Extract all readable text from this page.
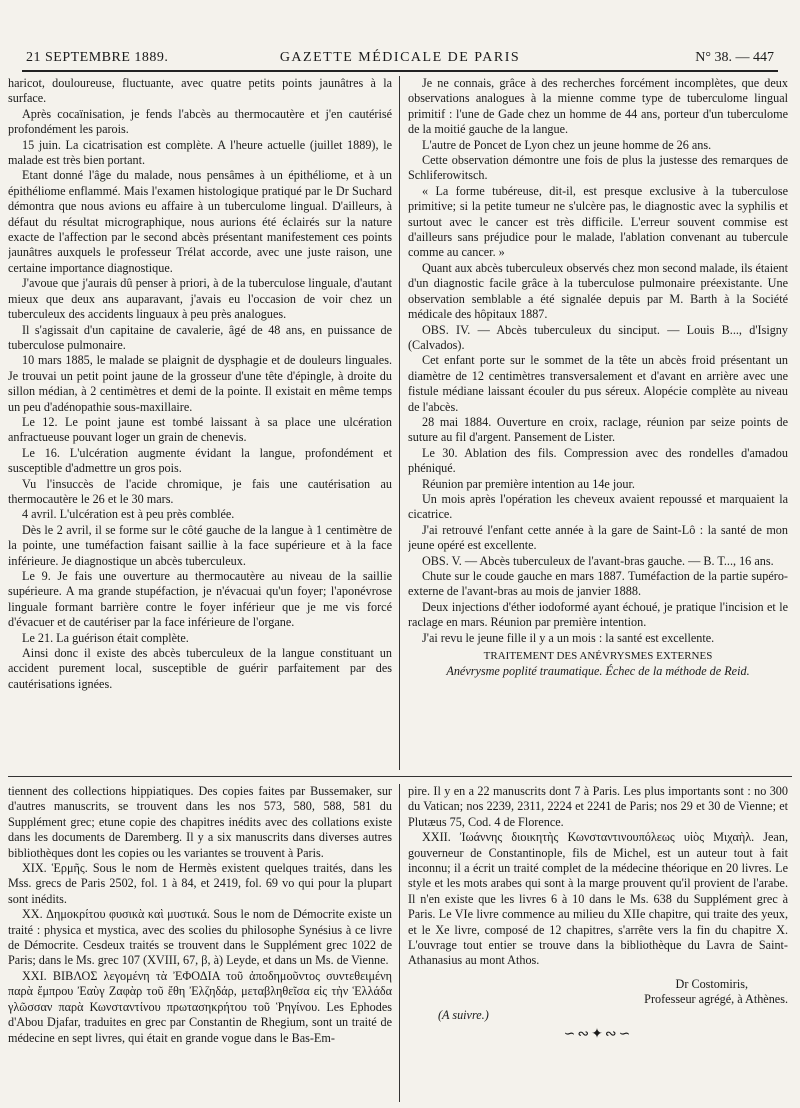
21 SEPTEMBRE 1889.	GAZETTE MÉDICALE DE PARIS	N° 38. — 447

haricot, douloureuse, fluctuante, avec quatre petits points jaunâtres à la surface.

Après cocaïnisation, je fends l'abcès au thermocautère et j'en cautérisé profondément les parois.

15 juin. La cicatrisation est complète. A l'heure actuelle (juillet 1889), le malade est très bien portant.

Etant donné l'âge du malade, nous pensâmes à un épithéliome, et à un épithéliome enflammé. Mais l'examen histologique pratiqué par le Dr Suchard démontra que nous avions eu affaire à un tuberculome lingual. D'ailleurs, à défaut du résultat micrographique, nous aurions été éclairés sur la nature exacte de l'affection par le second abcès présentant manifestement ces points jaunâtres auxquels le professeur Trélat accorde, avec une juste raison, une certaine importance diagnostique.

J'avoue que j'aurais dû penser à priori, à de la tuberculose linguale, d'autant mieux que deux ans auparavant, j'avais eu l'occasion de voir chez un tuberculeux des accidents linguaux à peu près analogues.

Il s'agissait d'un capitaine de cavalerie, âgé de 48 ans, en puissance de tuberculose pulmonaire.

10 mars 1885, le malade se plaignit de dysphagie et de douleurs linguales. Je trouvai un petit point jaune de la grosseur d'une tête d'épingle, à droite du sillon médian, à 2 centimètres et demi de la pointe. Il existait en même temps un peu d'adénopathie sous-maxillaire.

Le 12. Le point jaune est tombé laissant à sa place une ulcération anfractueuse pouvant loger un grain de chenevis.

Le 16. L'ulcération augmente évidant la langue, profondément et susceptible d'admettre un gros pois.

Vu l'insuccès de l'acide chromique, je fais une cautérisation au thermocautère le 26 et le 30 mars.

4 avril. L'ulcération est à peu près comblée.

Dès le 2 avril, il se forme sur le côté gauche de la langue à 1 centimètre de la pointe, une tuméfaction faisant saillie à la face supérieure et à la face inférieure. Je diagnostique un abcès tuberculeux.

Le 9. Je fais une ouverture au thermocautère au niveau de la saillie supérieure. A ma grande stupéfaction, je n'évacuai qu'un foyer; l'aponévrose linguale formant barrière contre le foyer inférieur que je me vis forcé d'évacuer et de cautériser par la face inférieure de l'organe.

Le 21. La guérison était complète.

Ainsi donc il existe des abcès tuberculeux de la langue constituant un accident purement local, susceptible de guérir parfaitement par des cautérisations ignées.

Je ne connais, grâce à des recherches forcément incomplètes, que deux observations analogues à la mienne comme type de tuberculome lingual primitif : l'une de Gade chez un homme de 44 ans, porteur d'un tuberculome de la moitié gauche de la langue.

L'autre de Poncet de Lyon chez un jeune homme de 26 ans.

Cette observation démontre une fois de plus la justesse des remarques de Schliferowitsch.

« La forme tubéreuse, dit-il, est presque exclusive à la tuberculose primitive; si la petite tumeur ne s'ulcère pas, le diagnostic avec la syphilis et surtout avec le cancer est très difficile. L'erreur souvent commise est d'ailleurs sans préjudice pour le malade, l'ablation convenant au tubercule comme au cancer. »

Quant aux abcès tuberculeux observés chez mon second malade, ils étaient d'un diagnostic facile grâce à la tuberculose pulmonaire préexistante. Une observation semblable a été signalée depuis par M. Barth à la Société médicale des hôpitaux 1887.

OBS. IV. — Abcès tuberculeux du sinciput. — Louis B..., d'Isigny (Calvados).

Cet enfant porte sur le sommet de la tête un abcès froid présentant un diamètre de 12 centimètres transversalement et d'avant en arrière avec une fistule médiane laissant écouler du pus séreux. Alopécie complète au niveau de l'abcès.

28 mai 1884. Ouverture en croix, raclage, réunion par seize points de suture au fil d'argent. Pansement de Lister.

Le 30. Ablation des fils. Compression avec des rondelles d'amadou phéniqué.

Réunion par première intention au 14e jour.

Un mois après l'opération les cheveux avaient repoussé et marquaient la cicatrice.

J'ai retrouvé l'enfant cette année à la gare de Saint-Lô : la santé de mon jeune opéré est excellente.

OBS. V. — Abcès tuberculeux de l'avant-bras gauche. — B. T..., 16 ans.

Chute sur le coude gauche en mars 1887. Tuméfaction de la partie supéro-externe de l'avant-bras au mois de janvier 1888.

Deux injections d'éther iodoformé ayant échoué, je pratique l'incision et le raclage en mars. Réunion par première intention.

J'ai revu le jeune fille il y a un mois : la santé est excellente.

TRAITEMENT DES ANÉVRYSMES EXTERNES

Anévrysme poplité traumatique. Échec de la méthode de Reid.

tiennent des collections hippiatiques. Des copies faites par Bussemaker, sur d'autres manuscrits, se trouvent dans les nos 573, 580, 588, 581 du Supplément grec; etune copie des chapitres inédits avec des collations existe dans les documents de Daremberg. Il y a six manuscrits dans diverses autres bibliothèques dont les copies ou les variantes se trouvent à Paris.

XIX. Ἑρμῆς. Sous le nom de Hermès existent quelques traités, dans les Mss. grecs de Paris 2502, fol. 1 à 84, et 2419, fol. 69 vo qui pour la plupart sont inédits.

XX. Δημοκρίτου φυσικὰ καὶ μυστικά. Sous le nom de Démocrite existe un traité : physica et mystica, avec des scolies du philosophe Synésius à ce livre de Démocrite. Cesdeux traités se trouvent dans le Supplément grec 1022 de Paris; dans le Ms. grec 107 (XVIII, 67, β, à) Leyde, et dans un Ms. de Vienne.

XXI. ΒΙΒΛΟΣ λεγομένη τὰ ἘΦΟΔΙΑ τοῦ ἀποδημοῦντος συντεθειμένη παρὰ ἔμπρου Ἐαὺγ Ζαφὰρ τοῦ ἔθη Ἐλζηδάρ, μεταβληθεῖσα εἰς τὴν Ἑλλάδα γλῶσσαν παρὰ Κωνσταντίνου πρωτασηκρήτου τοῦ Ῥηγίνου. Les Ephodes d'Abou Djafar, traduites en grec par Constantin de Rhegium, sont un traité de médecine en sept livres, qui était en grande vogue dans le Bas-Em-

pire. Il y en a 22 manuscrits dont 7 à Paris. Les plus importants sont : no 300 du Vatican; nos 2239, 2311, 2224 et 2241 de Paris; nos 29 et 30 de Vienne; et Plutæus 75, Cod. 4 de Florence.

XXII. Ἰωάννης διοικητὴς Κωνσταντινουπόλεως υἱὸς Μιχαὴλ. Jean, gouverneur de Constantinople, fils de Michel, est un auteur tout à fait inconnu; il a écrit un traité complet de la médecine théorique en 20 livres. Le style et les mots arabes qui sont à la marge prouvent qu'il provient de l'arabe. Il n'en existe que les livres 6 à 10 dans le Ms. 638 du Supplément grec à Paris. Le VIe livre commence au milieu du XIIe chapitre, qui traite des yeux, et le Xe livre, composé de 12 chapitres, s'arrête vers la fin du chapitre X. L'ouvrage tout entier se trouve dans la bibliothèque du Lavra de Saint-Athanasius au mont Athos.

Dr Costomiris,

Professeur agrégé, à Athènes.

(A suivre.)

∽∾✦∾∽
